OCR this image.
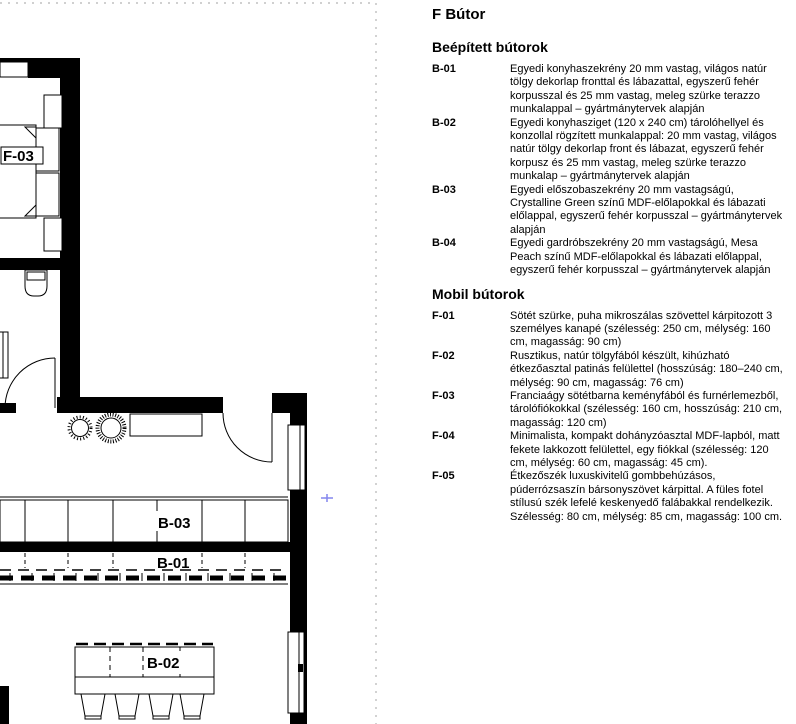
F-03
B-03
B-01
B-02
F Bútor
Beépített bútorok
B-01	Egyedi konyhaszekrény 20 mm vastag, világos natúr tölgy dekorlap fronttal és lábazattal, egyszerű fehér korpusszal és 25 mm vastag, meleg szürke terazzo munkalappal – gyártmánytervek alapján
B-02	Egyedi konyhasziget (120 x 240 cm) tárolóhellyel és konzollal rögzített munkalappal: 20 mm vastag, világos natúr tölgy dekorlap front és lábazat, egyszerű fehér korpusz és 25 mm vastag, meleg szürke terazzo munkalap – gyártmánytervek alapján
B-03	Egyedi előszobaszekrény 20 mm vastagságú, Crystalline Green színű MDF-előlapokkal és lábazati előlappal, egyszerű fehér korpusszal – gyártmánytervek alapján
B-04	Egyedi gardróbszekrény 20 mm vastagságú, Mesa Peach színű MDF-előlapokkal és lábazati előlappal, egyszerű fehér korpusszal – gyártmánytervek alapján
Mobil bútorok
F-01	Sötét szürke, puha mikroszálas szövettel kárpitozott 3 személyes kanapé (szélesség: 250 cm, mélység: 160 cm, magasság: 90 cm)
F-02	Rusztikus, natúr tölgyfából készült, kihúzható étkezőasztal patinás felülettel (hosszúság: 180–240 cm, mélység: 90 cm, magasság: 76 cm)
F-03	Franciaágy sötétbarna keményfából és furnérlemezből, tárolófiókokkal (szélesség: 160 cm, hosszúság: 210 cm, magasság: 120 cm)
F-04	Minimalista, kompakt dohányzóasztal MDF-lapból, matt fekete lakkozott felülettel, egy fiókkal (szélesség: 120 cm, mélység: 60 cm, magasság: 45 cm).
F-05	Étkezőszék luxuskivitelű gombbehúzásos, púderrózsaszín bársonyszövet kárpittal. A füles fotel stílusú szék lefelé keskenyedő falábakkal rendelkezik. Szélesség: 80 cm, mélység: 85 cm, magasság: 100 cm.
